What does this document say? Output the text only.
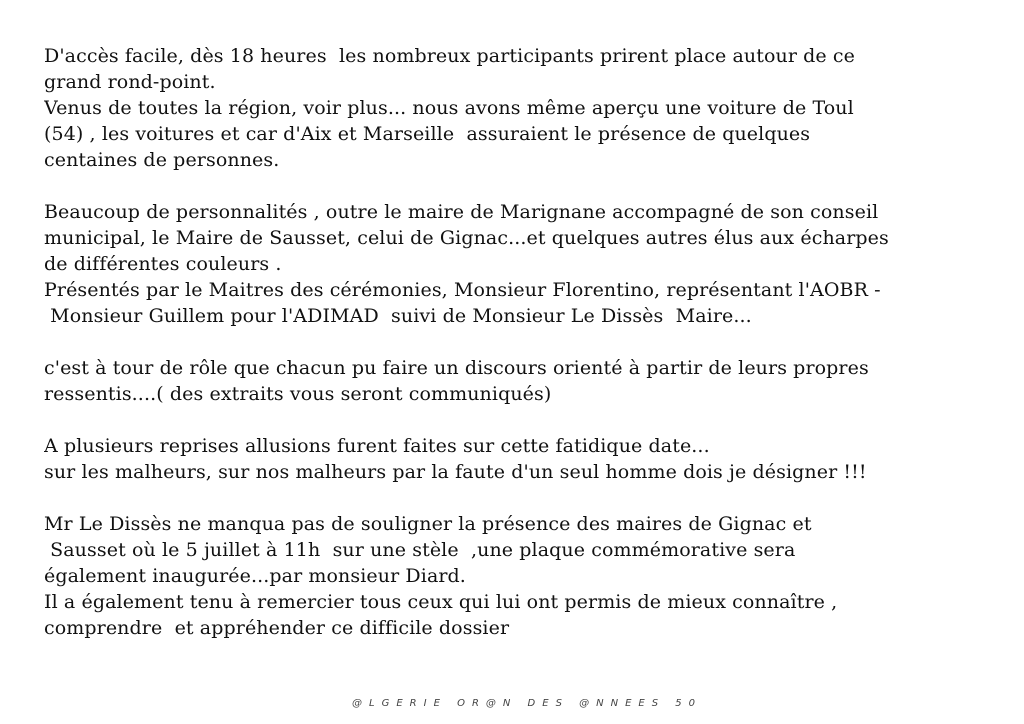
D'accès facile, dès 18 heures  les nombreux participants prirent place autour de ce
grand rond-point.
Venus de toutes la région, voir plus... nous avons même aperçu une voiture de Toul
(54) , les voitures et car d'Aix et Marseille  assuraient le présence de quelques
centaines de personnes.
Beaucoup de personnalités , outre le maire de Marignane accompagné de son conseil
municipal, le Maire de Sausset, celui de Gignac...et quelques autres élus aux écharpes
de différentes couleurs .
Présentés par le Maitres des cérémonies, Monsieur Florentino, représentant l'AOBR -
Monsieur Guillem pour l'ADIMAD  suivi de Monsieur Le Dissès  Maire...
c'est à tour de rôle que chacun pu faire un discours orienté à partir de leurs propres
ressentis....( des extraits vous seront communiqués)
A plusieurs reprises allusions furent faites sur cette fatidique date...
sur les malheurs, sur nos malheurs par la faute d'un seul homme dois je désigner !!!
Mr Le Dissès ne manqua pas de souligner la présence des maires de Gignac et
Sausset où le 5 juillet à 11h  sur une stèle  ,une plaque commémorative sera
également inaugurée...par monsieur Diard.
Il a également tenu à remercier tous ceux qui lui ont permis de mieux connaître ,
comprendre  et appréhender ce difficile dossier
@LGERIE OR@N DES @NNEES 50
